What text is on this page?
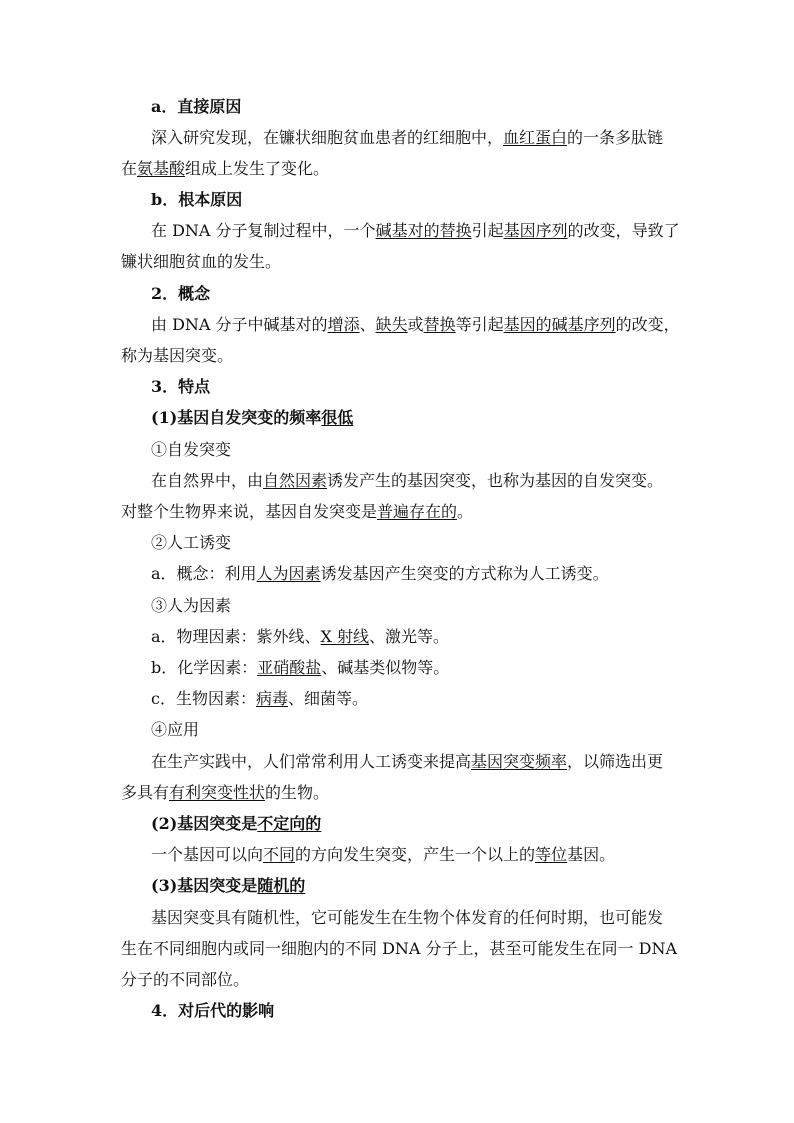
a．直接原因
深入研究发现，在镰状细胞贫血患者的红细胞中，血红蛋白的一条多肽链
在氨基酸组成上发生了变化。
b．根本原因
在 DNA 分子复制过程中，一个碱基对的替换引起基因序列的改变，导致了
镰状细胞贫血的发生。
2．概念
由 DNA 分子中碱基对的增添、缺失或替换等引起基因的碱基序列的改变，
称为基因突变。
3．特点
(1)基因自发突变的频率很低
①自发突变
在自然界中，由自然因素诱发产生的基因突变，也称为基因的自发突变。
对整个生物界来说，基因自发突变是普遍存在的。
②人工诱变
a．概念：利用人为因素诱发基因产生突变的方式称为人工诱变。
③人为因素
a．物理因素：紫外线、X 射线、激光等。
b．化学因素：亚硝酸盐、碱基类似物等。
c．生物因素：病毒、细菌等。
④应用
在生产实践中，人们常常利用人工诱变来提高基因突变频率，以筛选出更
多具有有利突变性状的生物。
(2)基因突变是不定向的
一个基因可以向不同的方向发生突变，产生一个以上的等位基因。
(3)基因突变是随机的
基因突变具有随机性，它可能发生在生物个体发育的任何时期，也可能发
生在不同细胞内或同一细胞内的不同 DNA 分子上，甚至可能发生在同一 DNA
分子的不同部位。
4．对后代的影响
